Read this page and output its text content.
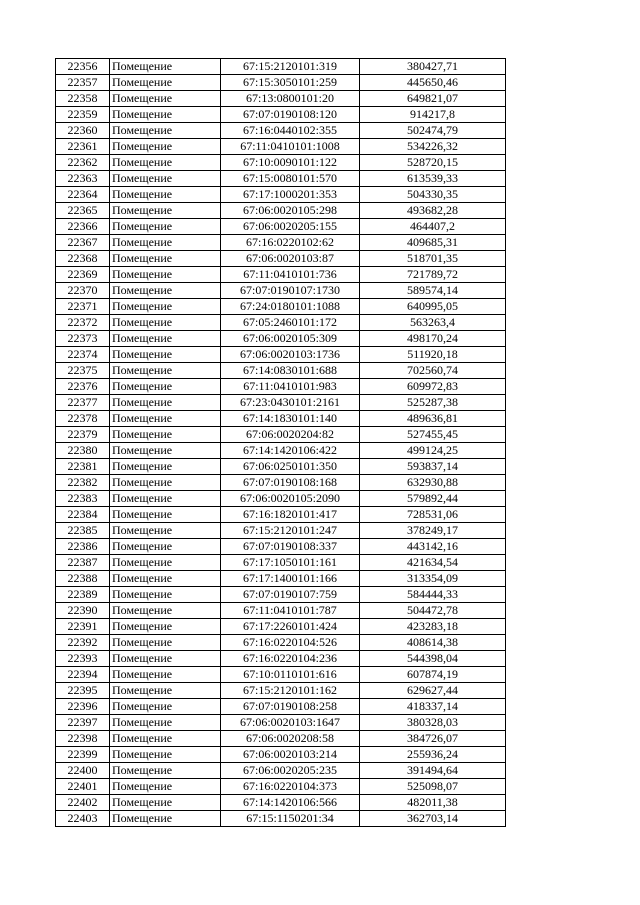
22356	Помещение	67:15:2120101:319	380427,71
22357	Помещение	67:15:3050101:259	445650,46
22358	Помещение	67:13:0800101:20	649821,07
22359	Помещение	67:07:0190108:120	914217,8
22360	Помещение	67:16:0440102:355	502474,79
22361	Помещение	67:11:0410101:1008	534226,32
22362	Помещение	67:10:0090101:122	528720,15
22363	Помещение	67:15:0080101:570	613539,33
22364	Помещение	67:17:1000201:353	504330,35
22365	Помещение	67:06:0020105:298	493682,28
22366	Помещение	67:06:0020205:155	464407,2
22367	Помещение	67:16:0220102:62	409685,31
22368	Помещение	67:06:0020103:87	518701,35
22369	Помещение	67:11:0410101:736	721789,72
22370	Помещение	67:07:0190107:1730	589574,14
22371	Помещение	67:24:0180101:1088	640995,05
22372	Помещение	67:05:2460101:172	563263,4
22373	Помещение	67:06:0020105:309	498170,24
22374	Помещение	67:06:0020103:1736	511920,18
22375	Помещение	67:14:0830101:688	702560,74
22376	Помещение	67:11:0410101:983	609972,83
22377	Помещение	67:23:0430101:2161	525287,38
22378	Помещение	67:14:1830101:140	489636,81
22379	Помещение	67:06:0020204:82	527455,45
22380	Помещение	67:14:1420106:422	499124,25
22381	Помещение	67:06:0250101:350	593837,14
22382	Помещение	67:07:0190108:168	632930,88
22383	Помещение	67:06:0020105:2090	579892,44
22384	Помещение	67:16:1820101:417	728531,06
22385	Помещение	67:15:2120101:247	378249,17
22386	Помещение	67:07:0190108:337	443142,16
22387	Помещение	67:17:1050101:161	421634,54
22388	Помещение	67:17:1400101:166	313354,09
22389	Помещение	67:07:0190107:759	584444,33
22390	Помещение	67:11:0410101:787	504472,78
22391	Помещение	67:17:2260101:424	423283,18
22392	Помещение	67:16:0220104:526	408614,38
22393	Помещение	67:16:0220104:236	544398,04
22394	Помещение	67:10:0110101:616	607874,19
22395	Помещение	67:15:2120101:162	629627,44
22396	Помещение	67:07:0190108:258	418337,14
22397	Помещение	67:06:0020103:1647	380328,03
22398	Помещение	67:06:0020208:58	384726,07
22399	Помещение	67:06:0020103:214	255936,24
22400	Помещение	67:06:0020205:235	391494,64
22401	Помещение	67:16:0220104:373	525098,07
22402	Помещение	67:14:1420106:566	482011,38
22403	Помещение	67:15:1150201:34	362703,14
